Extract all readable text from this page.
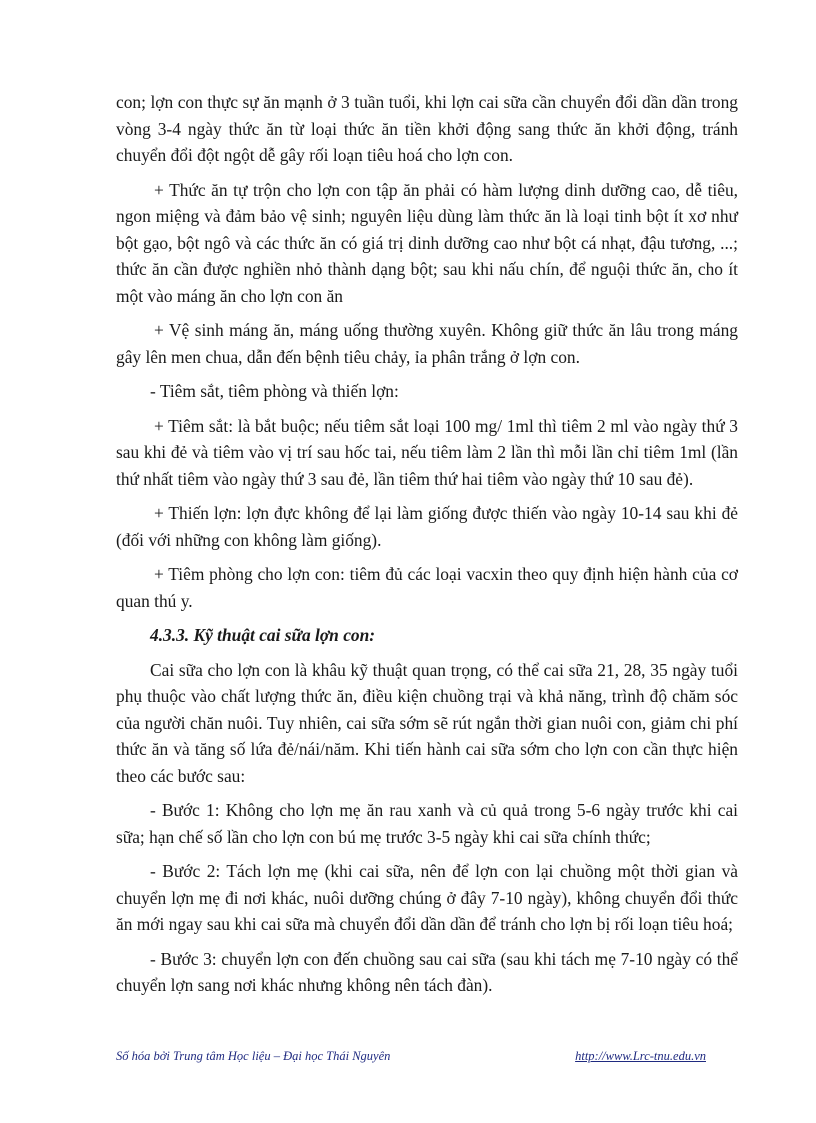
con; lợn con thực sự ăn mạnh ở 3 tuần tuổi, khi lợn cai sữa cần chuyển đổi dần dần trong vòng 3-4 ngày thức ăn từ loại thức ăn tiền khởi động sang thức ăn khởi động, tránh chuyển đổi đột ngột dễ gây rối loạn tiêu hoá cho lợn con.

+ Thức ăn tự trộn cho lợn con tập ăn phải có hàm lượng dinh dưỡng cao, dễ tiêu, ngon miệng và đảm bảo vệ sinh; nguyên liệu dùng làm thức ăn là loại tinh bột ít xơ như bột gạo, bột ngô và các thức ăn có giá trị dinh dưỡng cao như bột cá nhạt, đậu tương, ...; thức ăn cần được nghiền nhỏ thành dạng bột; sau khi nấu chín, để nguội thức ăn, cho ít một vào máng ăn cho lợn con ăn

+ Vệ sinh máng ăn, máng uống thường xuyên. Không giữ thức ăn lâu trong máng gây lên men chua, dẫn đến bệnh tiêu chảy, ỉa phân trắng ở lợn con.

- Tiêm sắt, tiêm phòng và thiến lợn:

+ Tiêm sắt: là bắt buộc; nếu tiêm sắt loại 100 mg/ 1ml thì tiêm 2 ml vào ngày thứ 3 sau khi đẻ và tiêm vào vị trí sau hốc tai, nếu tiêm làm 2 lần thì mỗi lần chỉ tiêm 1ml (lần thứ nhất tiêm vào ngày thứ 3 sau đẻ, lần tiêm thứ hai tiêm vào ngày thứ 10 sau đẻ).

+ Thiến lợn: lợn đực không để lại làm giống được thiến vào ngày 10-14 sau khi đẻ (đối với những con không làm giống).

+ Tiêm phòng cho lợn con: tiêm đủ các loại vacxin theo quy định hiện hành của cơ quan thú y.

4.3.3. Kỹ thuật cai sữa lợn con:

Cai sữa cho lợn con là khâu kỹ thuật quan trọng, có thể cai sữa 21, 28, 35 ngày tuổi phụ thuộc vào chất lượng thức ăn, điều kiện chuồng trại và khả năng, trình độ chăm sóc của người chăn nuôi. Tuy nhiên, cai sữa sớm sẽ rút ngắn thời gian nuôi con, giảm chi phí thức ăn và tăng số lứa đẻ/nái/năm. Khi tiến hành cai sữa sớm cho lợn con cần thực hiện theo các bước sau:

- Bước 1: Không cho lợn mẹ ăn rau xanh và củ quả trong 5-6 ngày trước khi cai sữa; hạn chế số lần cho lợn con bú mẹ trước 3-5 ngày khi cai sữa chính thức;

- Bước 2: Tách lợn mẹ (khi cai sữa, nên để lợn con lại chuồng một thời gian và chuyển lợn mẹ đi nơi khác, nuôi dưỡng chúng ở đây 7-10 ngày), không chuyển đổi thức ăn mới ngay sau khi cai sữa mà chuyển đổi dần dần để tránh cho lợn bị rối loạn tiêu hoá;

- Bước 3: chuyển lợn con đến chuồng sau cai sữa (sau khi tách mẹ 7-10 ngày có thể chuyển lợn sang nơi khác nhưng không nên tách đàn).

Số hóa bởi Trung tâm Học liệu – Đại học Thái Nguyên	http://www.Lrc-tnu.edu.vn
